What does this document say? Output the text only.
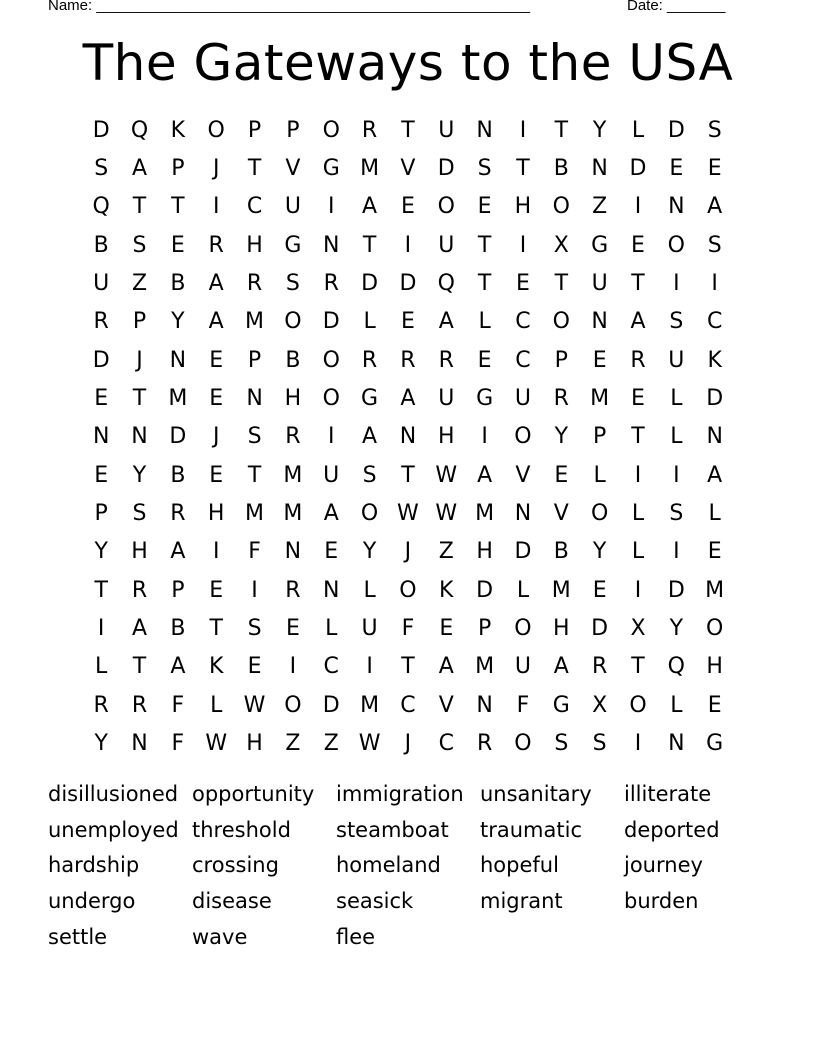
Name: ____________________________________________________	Date: _______
The Gateways to the USA
D Q	K	O	P	P	O	R	T	U	N	I	T	Y	L	D	S
S	A	P	J	T	V	G M V	D	S	T	B	N D	E	E
Q	T	T	I	C	U	I	A	E	O	E	H O	Z	I	N	A
B	S	E	R	H G N	T	I	U	T	I	X	G	E	O	S
U	Z	B	A	R	S	R	D D Q	T	E	T	U	T	I	I
R	P	Y	A M O D	L	E	A	L	C O N	A	S	C
D	J	N	E	P	B	O	R	R	R	E	C	P	E	R	U	K
E	T	M E	N H O G	A	U G U	R M E	L	D
N N D	J	S	R	I	A	N H	I	O	Y	P	T	L	N
E	Y	B	E	T	M U	S	T W A	V	E	L	I	I	A
P	S	R	H M M A	O W W M N	V	O	L	S	L
Y	H	A	I	F	N	E	Y	J	Z	H D	B	Y	L	I	E
T	R	P	E	I	R	N	L	O	K	D	L	M E	I	D M
I	A	B	T	S	E	L	U	F	E	P	O H D	X	Y	O
L	T	A	K	E	I	C	I	T	A M U	A	R	T	Q H
R	R	F	L W O D M C	V	N	F	G	X	O	L	E
Y	N	F W H	Z	Z W	J	C	R	O	S	S	I	N G
disillusioned opportunity	immigration unsanitary	illiterate
unemployed threshold	steamboat	traumatic	deported
hardship	crossing	homeland	hopeful	journey
undergo	disease	seasick	migrant	burden
settle	wave	flee
